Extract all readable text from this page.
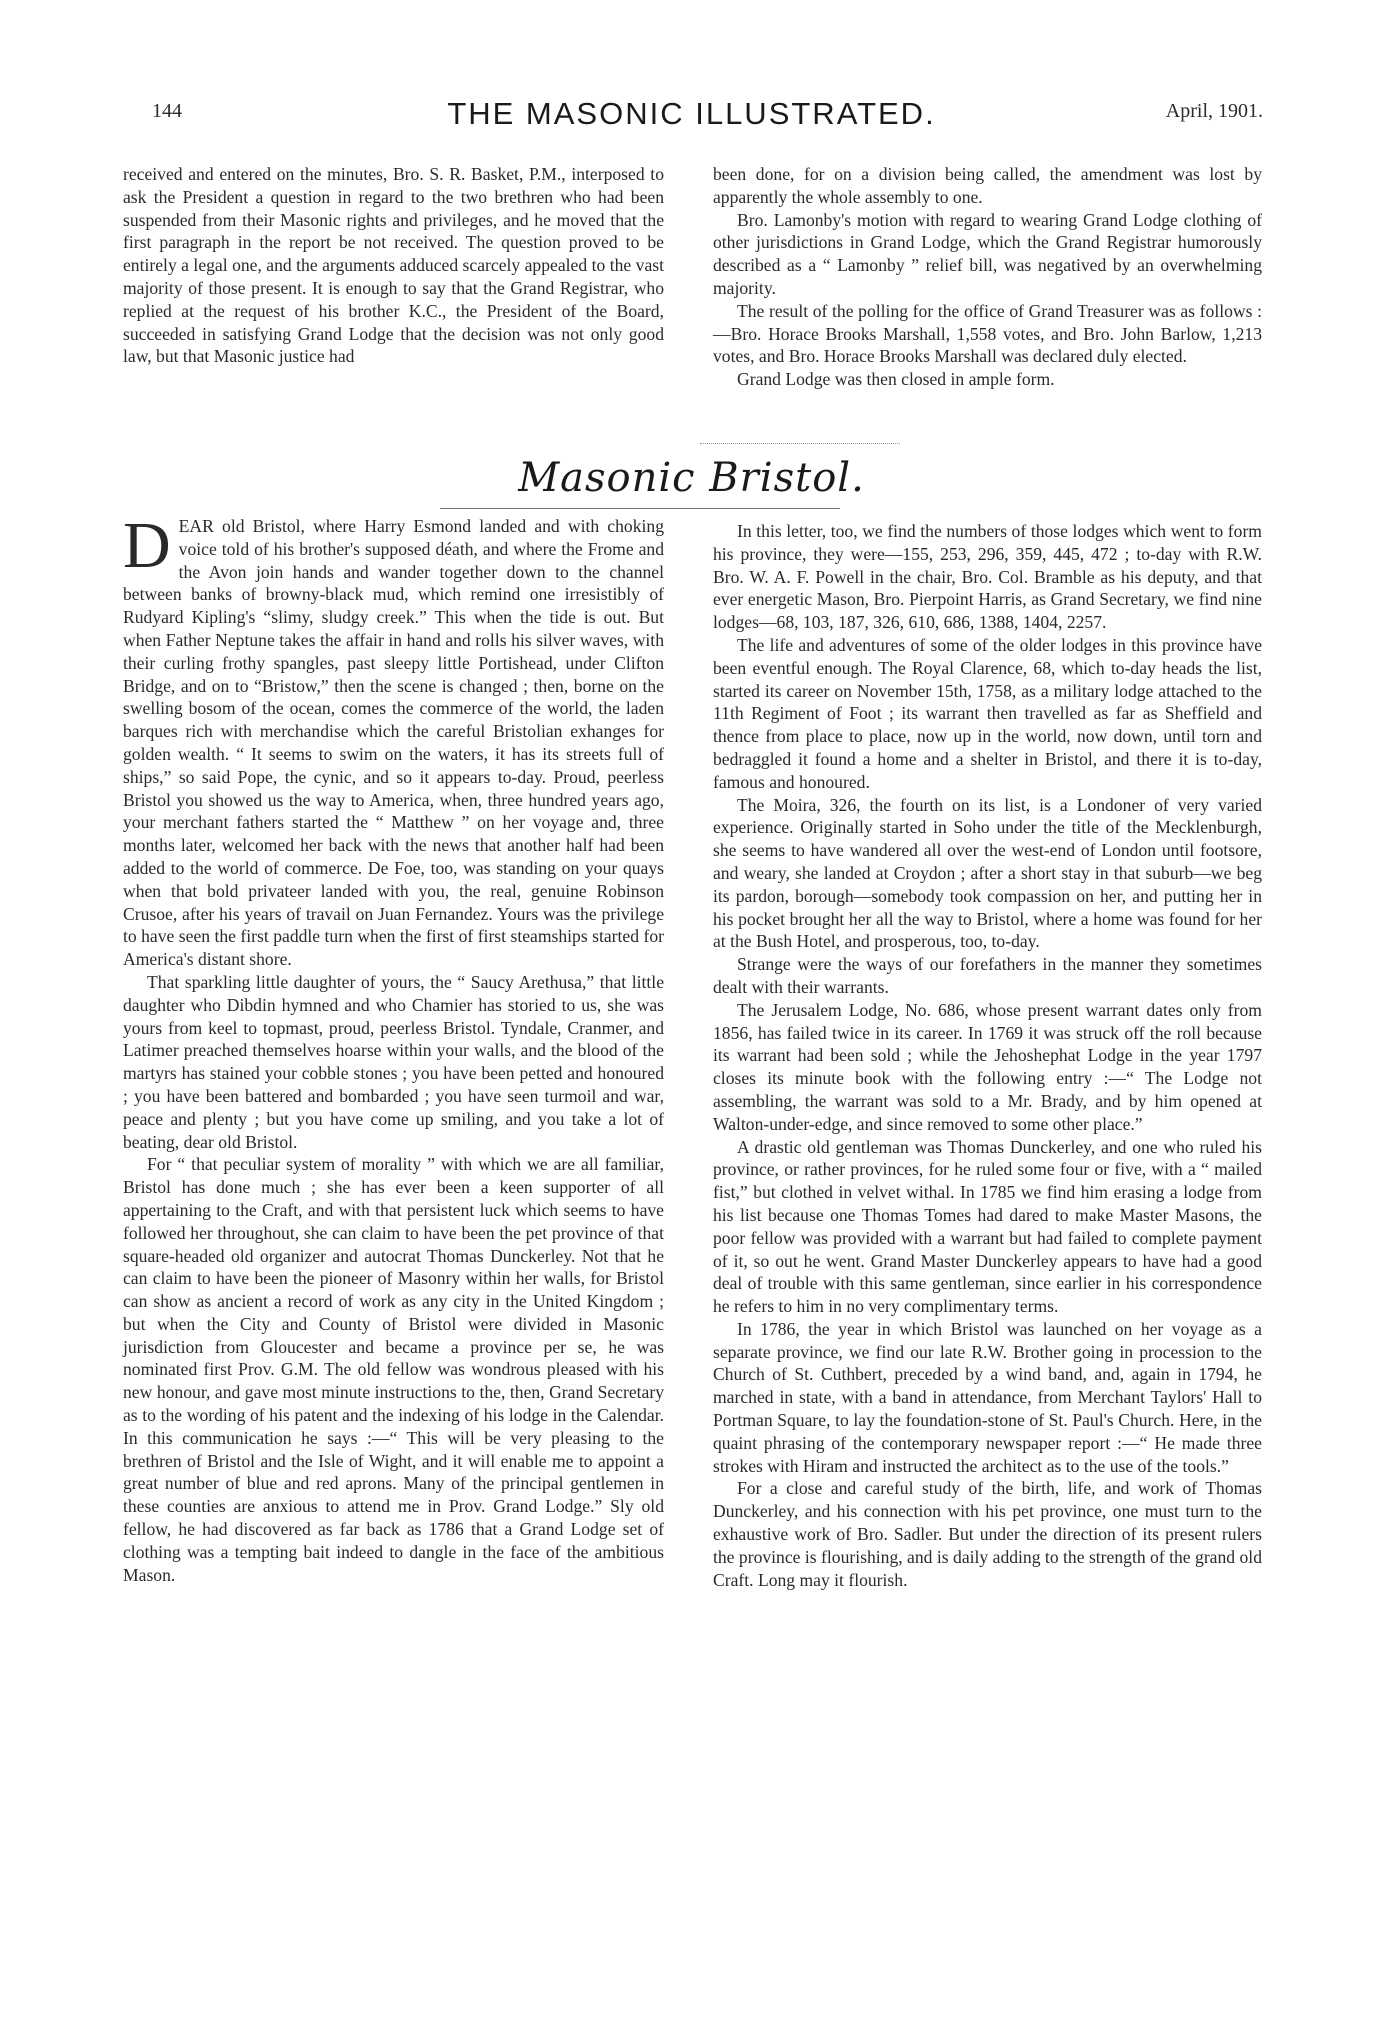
144	THE MASONIC ILLUSTRATED.	April, 1901.

received and entered on the minutes, Bro. S. R. Basket, P.M., interposed to ask the President a question in regard to the two brethren who had been suspended from their Masonic rights and privileges, and he moved that the first paragraph in the report be not received. The question proved to be entirely a legal one, and the arguments adduced scarcely appealed to the vast majority of those present. It is enough to say that the Grand Registrar, who replied at the request of his brother K.C., the President of the Board, succeeded in satisfying Grand Lodge that the decision was not only good law, but that Masonic justice had

been done, for on a division being called, the amendment was lost by apparently the whole assembly to one.

Bro. Lamonby's motion with regard to wearing Grand Lodge clothing of other jurisdictions in Grand Lodge, which the Grand Registrar humorously described as a “ Lamonby ” relief bill, was negatived by an overwhelming majority.

The result of the polling for the office of Grand Treasurer was as follows :—Bro. Horace Brooks Marshall, 1,558 votes, and Bro. John Barlow, 1,213 votes, and Bro. Horace Brooks Marshall was declared duly elected.

Grand Lodge was then closed in ample form.

Masonic Bristol.

DEAR old Bristol, where Harry Esmond landed and with choking voice told of his brother's supposed déath, and where the Frome and the Avon join hands and wander together down to the channel between banks of browny-black mud, which remind one irresistibly of Rudyard Kipling's “slimy, sludgy creek.” This when the tide is out. But when Father Neptune takes the affair in hand and rolls his silver waves, with their curling frothy spangles, past sleepy little Portishead, under Clifton Bridge, and on to “Bristow,” then the scene is changed ; then, borne on the swelling bosom of the ocean, comes the commerce of the world, the laden barques rich with merchandise which the careful Bristolian exhanges for golden wealth. “ It seems to swim on the waters, it has its streets full of ships,” so said Pope, the cynic, and so it appears to-day. Proud, peerless Bristol you showed us the way to America, when, three hundred years ago, your merchant fathers started the “ Matthew ” on her voyage and, three months later, welcomed her back with the news that another half had been added to the world of commerce. De Foe, too, was standing on your quays when that bold privateer landed with you, the real, genuine Robinson Crusoe, after his years of travail on Juan Fernandez. Yours was the privilege to have seen the first paddle turn when the first of first steamships started for America's distant shore.

That sparkling little daughter of yours, the “ Saucy Arethusa,” that little daughter who Dibdin hymned and who Chamier has storied to us, she was yours from keel to topmast, proud, peerless Bristol. Tyndale, Cranmer, and Latimer preached themselves hoarse within your walls, and the blood of the martyrs has stained your cobble stones ; you have been petted and honoured ; you have been battered and bombarded ; you have seen turmoil and war, peace and plenty ; but you have come up smiling, and you take a lot of beating, dear old Bristol.

For “ that peculiar system of morality ” with which we are all familiar, Bristol has done much ; she has ever been a keen supporter of all appertaining to the Craft, and with that persistent luck which seems to have followed her throughout, she can claim to have been the pet province of that square-headed old organizer and autocrat Thomas Dunckerley. Not that he can claim to have been the pioneer of Masonry within her walls, for Bristol can show as ancient a record of work as any city in the United Kingdom ; but when the City and County of Bristol were divided in Masonic jurisdiction from Gloucester and became a province per se, he was nominated first Prov. G.M. The old fellow was wondrous pleased with his new honour, and gave most minute instructions to the, then, Grand Secretary as to the wording of his patent and the indexing of his lodge in the Calendar. In this communication he says :—“ This will be very pleasing to the brethren of Bristol and the Isle of Wight, and it will enable me to appoint a great number of blue and red aprons. Many of the principal gentlemen in these counties are anxious to attend me in Prov. Grand Lodge.” Sly old fellow, he had discovered as far back as 1786 that a Grand Lodge set of clothing was a tempting bait indeed to dangle in the face of the ambitious Mason.

In this letter, too, we find the numbers of those lodges which went to form his province, they were—155, 253, 296, 359, 445, 472 ; to-day with R.W. Bro. W. A. F. Powell in the chair, Bro. Col. Bramble as his deputy, and that ever energetic Mason, Bro. Pierpoint Harris, as Grand Secretary, we find nine lodges—68, 103, 187, 326, 610, 686, 1388, 1404, 2257.

The life and adventures of some of the older lodges in this province have been eventful enough. The Royal Clarence, 68, which to-day heads the list, started its career on November 15th, 1758, as a military lodge attached to the 11th Regiment of Foot ; its warrant then travelled as far as Sheffield and thence from place to place, now up in the world, now down, until torn and bedraggled it found a home and a shelter in Bristol, and there it is to-day, famous and honoured.

The Moira, 326, the fourth on its list, is a Londoner of very varied experience. Originally started in Soho under the title of the Mecklenburgh, she seems to have wandered all over the west-end of London until footsore, and weary, she landed at Croydon ; after a short stay in that suburb—we beg its pardon, borough—somebody took compassion on her, and putting her in his pocket brought her all the way to Bristol, where a home was found for her at the Bush Hotel, and prosperous, too, to-day.

Strange were the ways of our forefathers in the manner they sometimes dealt with their warrants.

The Jerusalem Lodge, No. 686, whose present warrant dates only from 1856, has failed twice in its career. In 1769 it was struck off the roll because its warrant had been sold ; while the Jehoshephat Lodge in the year 1797 closes its minute book with the following entry :—“ The Lodge not assembling, the warrant was sold to a Mr. Brady, and by him opened at Walton-under-edge, and since removed to some other place.”

A drastic old gentleman was Thomas Dunckerley, and one who ruled his province, or rather provinces, for he ruled some four or five, with a “ mailed fist,” but clothed in velvet withal. In 1785 we find him erasing a lodge from his list because one Thomas Tomes had dared to make Master Masons, the poor fellow was provided with a warrant but had failed to complete payment of it, so out he went. Grand Master Dunckerley appears to have had a good deal of trouble with this same gentleman, since earlier in his correspondence he refers to him in no very complimentary terms.

In 1786, the year in which Bristol was launched on her voyage as a separate province, we find our late R.W. Brother going in procession to the Church of St. Cuthbert, preceded by a wind band, and, again in 1794, he marched in state, with a band in attendance, from Merchant Taylors' Hall to Portman Square, to lay the foundation-stone of St. Paul's Church. Here, in the quaint phrasing of the contemporary newspaper report :—“ He made three strokes with Hiram and instructed the architect as to the use of the tools.”

For a close and careful study of the birth, life, and work of Thomas Dunckerley, and his connection with his pet province, one must turn to the exhaustive work of Bro. Sadler. But under the direction of its present rulers the province is flourishing, and is daily adding to the strength of the grand old Craft. Long may it flourish.
